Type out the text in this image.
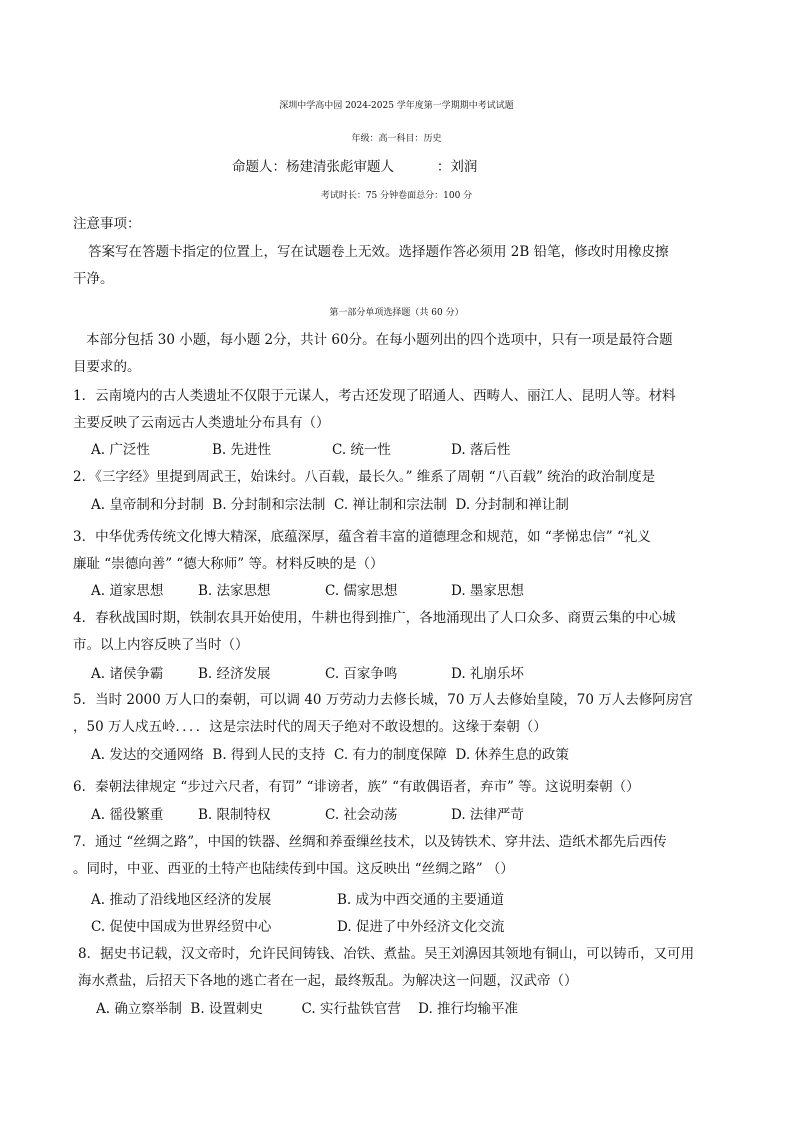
深圳中学高中园 2024-2025 学年度第一学期期中考试试题
年级：高一科目：历史
命题人：杨建清张彪审题人          ：刘润
考试时长：75 分钟卷面总分：100 分
注意事项：
答案写在答题卡指定的位置上，写在试题卷上无效。选择题作答必须用 2B 铅笔，修改时用橡皮擦
干净。
第一部分单项选择题（共 60 分）
本部分包括 30 小题，每小题 2分，共计 60分。在每小题列出的四个选项中，只有一项是最符合题
目要求的。
1．云南境内的古人类遗址不仅限于元谋人，考古还发现了昭通人、西畴人、丽江人、昆明人等。材料
主要反映了云南远古人类遗址分布具有（）
A. 广泛性	B. 先进性	C. 统一性	D. 落后性
2．《三字经》里提到周武王，始诛纣。八百载，最长久。” 维系了周朝 “八百载” 统治的政治制度是
A. 皇帝制和分封制  B. 分封制和宗法制  C. 禅让制和宗法制  D. 分封制和禅让制
3．中华优秀传统文化博大精深，底蕴深厚，蕴含着丰富的道德理念和规范，如 “孝悌忠信” “礼义
廉耻 “崇德向善” “德大称师” 等。材料反映的是（）
A. 道家思想	B. 法家思想	C. 儒家思想	D. 墨家思想
4．春秋战国时期，铁制农具开始使用，牛耕也得到推广，各地涌现出了人口众多、商贾云集的中心城
市。以上内容反映了当时（）
A. 诸侯争霸	B. 经济发展	C. 百家争鸣	D. 礼崩乐坏
5．当时 2000 万人口的秦朝，可以调 40 万劳动力去修长城，70 万人去修始皇陵，70 万人去修阿房宫
，50 万人戍五岭．．．．这是宗法时代的周天子绝对不敢设想的。这缘于秦朝（）
A. 发达的交通网络  B. 得到人民的支持  C. 有力的制度保障  D. 休养生息的政策
6．秦朝法律规定 “步过六尺者，有罚” “诽谤者，族” “有敢偶语者，弃市” 等。这说明秦朝（）
A. 徭役繁重	B. 限制特权	C. 社会动荡	D. 法律严苛
7．通过 “丝绸之路”，中国的铁器、丝绸和养蚕缫丝技术，以及铸铁术、穿井法、造纸术都先后西传
。同时，中亚、西亚的土特产也陆续传到中国。这反映出 “丝绸之路” （）
A. 推动了沿线地区经济的发展	B. 成为中西交通的主要通道
C. 促使中国成为世界经贸中心	D. 促进了中外经济文化交流
8．据史书记载，汉文帝时，允许民间铸钱、冶铁、煮盐。吴王刘濞因其领地有铜山，可以铸币，又可用
海水煮盐，后招天下各地的逃亡者在一起，最终叛乱。为解决这一问题，汉武帝（）
A. 确立察举制  B. 设置刺史         C. 实行盐铁官营    D. 推行均输平准
